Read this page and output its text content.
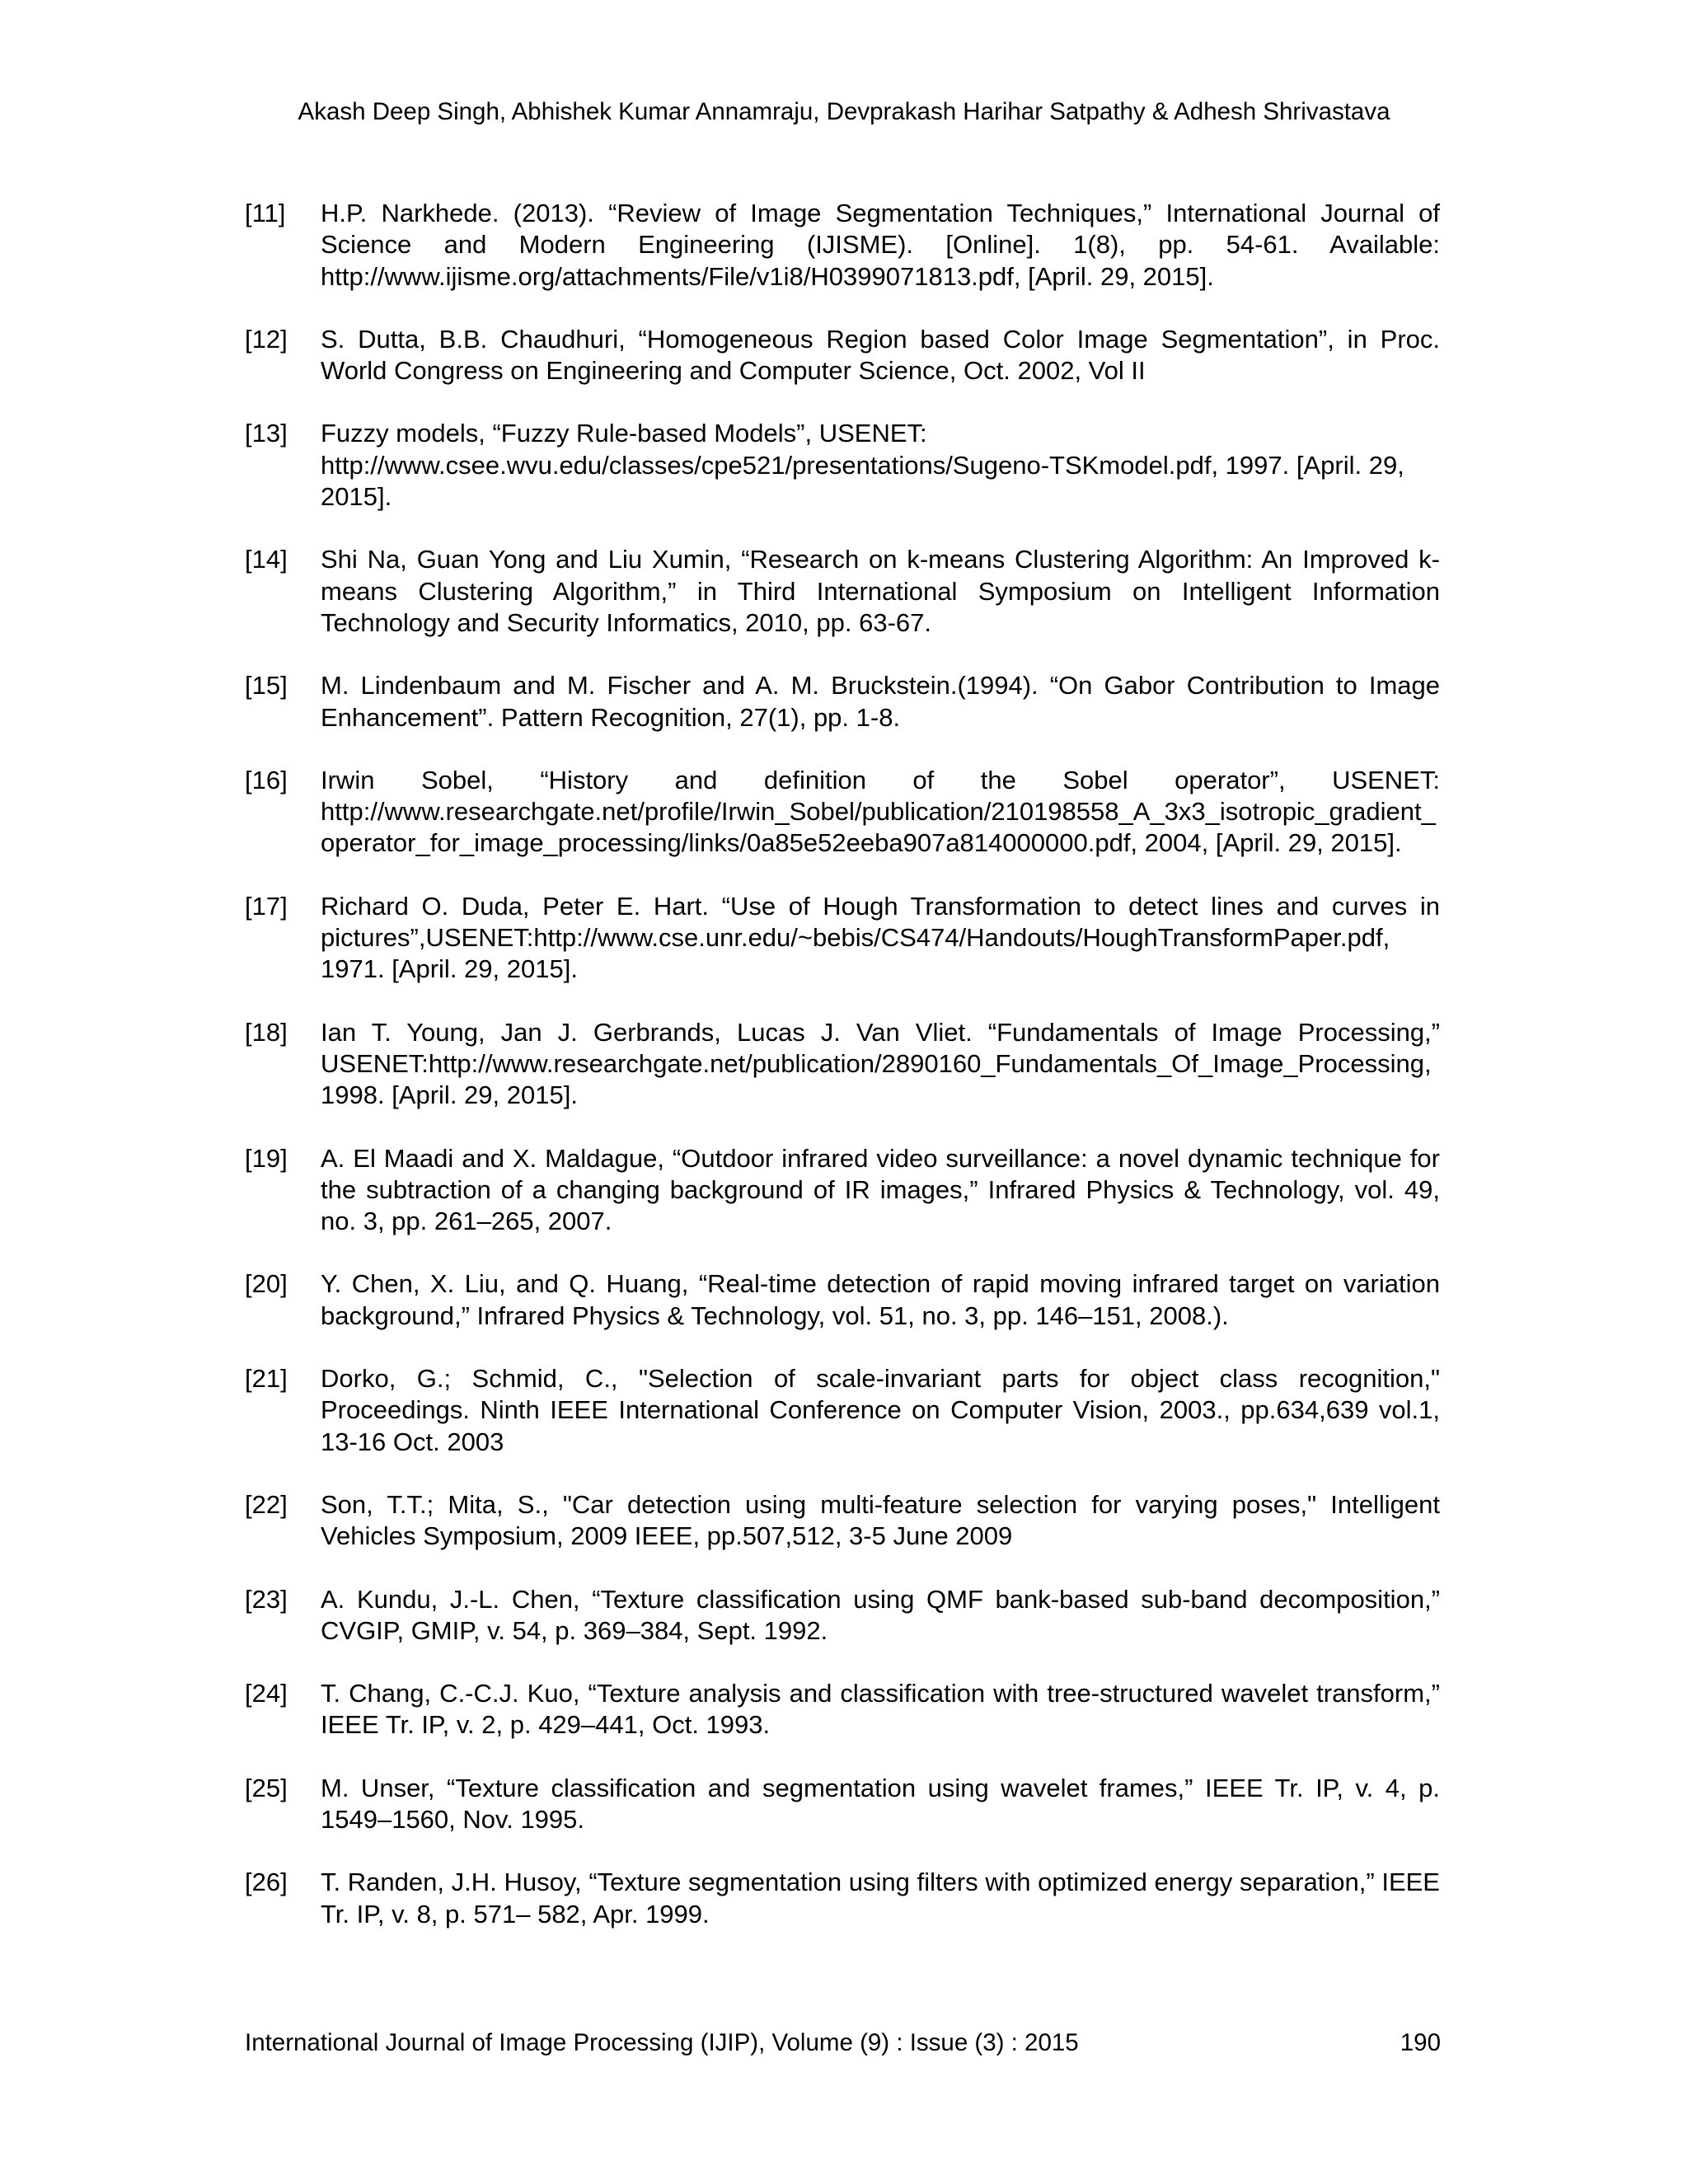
Akash Deep Singh, Abhishek Kumar Annamraju, Devprakash Harihar Satpathy & Adhesh Shrivastava
[11] H.P. Narkhede. (2013). “Review of Image Segmentation Techniques,” International Journal of Science and Modern Engineering (IJISME). [Online]. 1(8), pp. 54-61. Available: http://www.ijisme.org/attachments/File/v1i8/H0399071813.pdf, [April. 29, 2015].
[12] S. Dutta, B.B. Chaudhuri, “Homogeneous Region based Color Image Segmentation”, in Proc. World Congress on Engineering and Computer Science, Oct. 2002, Vol II
[13] Fuzzy models, “Fuzzy Rule-based Models”, USENET: http://www.csee.wvu.edu/classes/cpe521/presentations/Sugeno-TSKmodel.pdf, 1997. [April. 29, 2015].
[14] Shi Na, Guan Yong and Liu Xumin, “Research on k-means Clustering Algorithm: An Improved k-means Clustering Algorithm,” in Third International Symposium on Intelligent Information Technology and Security Informatics, 2010, pp. 63-67.
[15] M. Lindenbaum and M. Fischer and A. M. Bruckstein.(1994). “On Gabor Contribution to Image Enhancement”. Pattern Recognition, 27(1), pp. 1-8.
[16] Irwin Sobel, “History and definition of the Sobel operator”, USENET: http://www.researchgate.net/profile/Irwin_Sobel/publication/210198558_A_3x3_isotropic_gradient_operator_for_image_processing/links/0a85e52eeba907a814000000.pdf, 2004, [April. 29, 2015].
[17] Richard O. Duda, Peter E. Hart. “Use of Hough Transformation to detect lines and curves in pictures”,USENET:http://www.cse.unr.edu/~bebis/CS474/Handouts/HoughTransformPaper.pdf, 1971. [April. 29, 2015].
[18] Ian T. Young, Jan J. Gerbrands, Lucas J. Van Vliet. “Fundamentals of Image Processing,” USENET:http://www.researchgate.net/publication/2890160_Fundamentals_Of_Image_Processing,1998. [April. 29, 2015].
[19] A. El Maadi and X. Maldague, “Outdoor infrared video surveillance: a novel dynamic technique for the subtraction of a changing background of IR images,” Infrared Physics & Technology, vol. 49, no. 3, pp. 261–265, 2007.
[20] Y. Chen, X. Liu, and Q. Huang, “Real-time detection of rapid moving infrared target on variation background,” Infrared Physics & Technology, vol. 51, no. 3, pp. 146–151, 2008.).
[21] Dorko, G.; Schmid, C., "Selection of scale-invariant parts for object class recognition," Proceedings. Ninth IEEE International Conference on Computer Vision, 2003., pp.634,639 vol.1, 13-16 Oct. 2003
[22] Son, T.T.; Mita, S., "Car detection using multi-feature selection for varying poses," Intelligent Vehicles Symposium, 2009 IEEE, pp.507,512, 3-5 June 2009
[23] A. Kundu, J.-L. Chen, “Texture classification using QMF bank-based sub-band decomposition,” CVGIP, GMIP, v. 54, p. 369–384, Sept. 1992.
[24] T. Chang, C.-C.J. Kuo, “Texture analysis and classification with tree-structured wavelet transform,” IEEE Tr. IP, v. 2, p. 429–441, Oct. 1993.
[25] M. Unser, “Texture classification and segmentation using wavelet frames,” IEEE Tr. IP, v. 4, p. 1549–1560, Nov. 1995.
[26] T. Randen, J.H. Husoy, “Texture segmentation using filters with optimized energy separation,” IEEE Tr. IP, v. 8, p. 571– 582, Apr. 1999.
International Journal of Image Processing (IJIP), Volume (9) : Issue (3) : 2015	190
